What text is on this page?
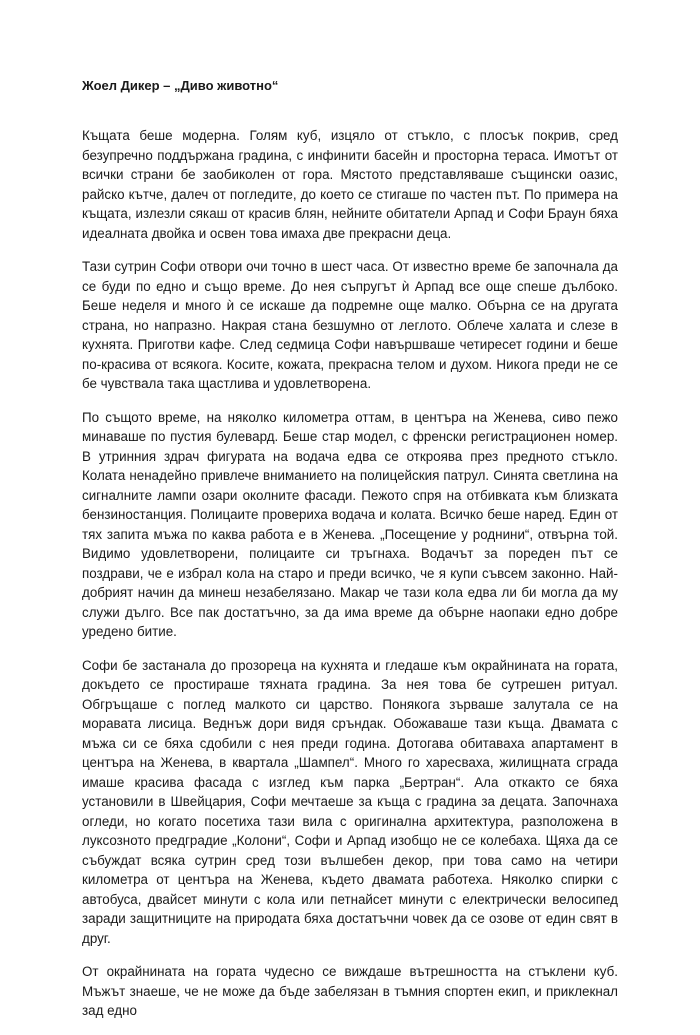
Жоел Дикер – „Диво животно“

Къщата беше модерна. Голям куб, изцяло от стъкло, с плосък покрив, сред безупречно поддържана градина, с инфинити басейн и просторна тераса. Имотът от всички страни бе заобиколен от гора. Мястото представляваше същински оазис, райско кътче, далеч от погледите, до което се стигаше по частен път. По примера на къщата, излезли сякаш от красив блян, нейните обитатели Арпад и Софи Браун бяха идеалната двойка и освен това имаха две прекрасни деца.

Тази сутрин Софи отвори очи точно в шест часа. От известно време бе започнала да се буди по едно и също време. До нея съпругът ѝ Арпад все още спеше дълбоко. Беше неделя и много ѝ се искаше да подремне още малко. Обърна се на другата страна, но напразно. Накрая стана безшумно от леглото. Облече халата и слезе в кухнята. Приготви кафе. След седмица Софи навършваше четиресет години и беше по-красива от всякога. Косите, кожата, прекрасна телом и духом. Никога преди не се бе чувствала така щастлива и удовлетворена.

По същото време, на няколко километра оттам, в центъра на Женева, сиво пежо минаваше по пустия булевард. Беше стар модел, с френски регистрационен номер. В утринния здрач фигурата на водача едва се откроява през предното стъкло. Колата ненадейно привлече вниманието на полицейския патрул. Синята светлина на сигналните лампи озари околните фасади. Пежото спря на отбивката към близката бензиностанция. Полицаите провериха водача и колата. Всичко беше наред. Един от тях запита мъжа по каква работа е в Женева. „Посещение у роднини“, отвърна той. Видимо удовлетворени, полицаите си тръгнаха. Водачът за пореден път се поздрави, че е избрал кола на старо и преди всичко, че я купи съвсем законно. Най-добрият начин да минеш незабелязано. Макар че тази кола едва ли би могла да му служи дълго. Все пак достатъчно, за да има време да обърне наопаки едно добре уредено битие.

Софи бе застанала до прозореца на кухнята и гледаше към окрайнината на гората, докъдето се простираше тяхната градина. За нея това бе сутрешен ритуал. Обгръщаше с поглед малкото си царство. Понякога зърваше залутала се на моравата лисица. Веднъж дори видя сръндак. Обожаваше тази къща. Двамата с мъжа си се бяха сдобили с нея преди година. Дотогава обитаваха апартамент в центъра на Женева, в квартала „Шампел“. Много го харесваха, жилищната сграда имаше красива фасада с изглед към парка „Бертран“. Ала откакто се бяха установили в Швейцария, Софи мечтаеше за къща с градина за децата. Започнаха огледи, но когато посетиха тази вила с оригинална архитектура, разположена в луксозното предградие „Колони“, Софи и Арпад изобщо не се колебаха. Щяха да се събуждат всяка сутрин сред този вълшебен декор, при това само на четири километра от центъра на Женева, където двамата работеха. Няколко спирки с автобуса, двайсет минути с кола или петнайсет минути с електрически велосипед заради защитниците на природата бяха достатъчни човек да се озове от един свят в друг.

От окрайнината на гората чудесно се виждаше вътрешността на стъклени куб. Мъжът знаеше, че не може да бъде забелязан в тъмния спортен екип, и приклекнал зад едно
